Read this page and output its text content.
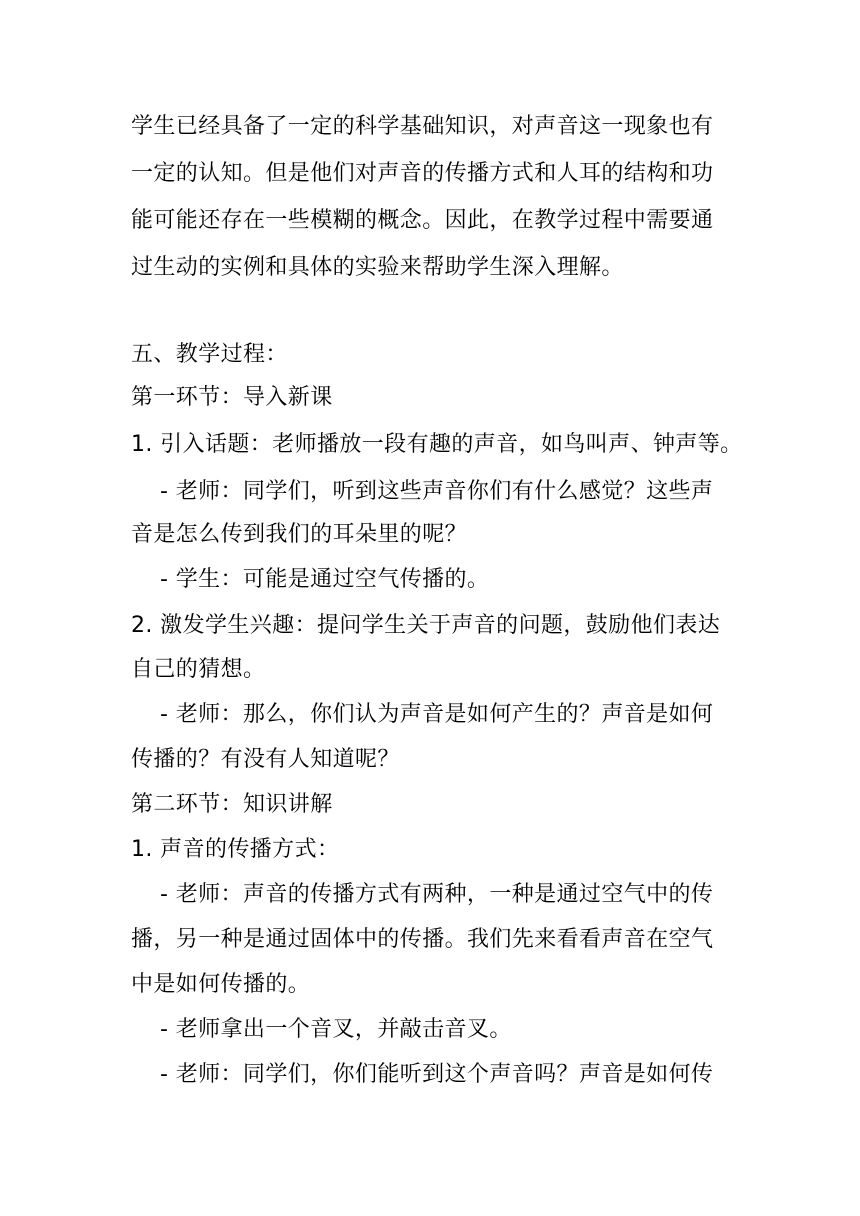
学生已经具备了一定的科学基础知识，对声音这一现象也有
一定的认知。但是他们对声音的传播方式和人耳的结构和功
能可能还存在一些模糊的概念。因此，在教学过程中需要通
过生动的实例和具体的实验来帮助学生深入理解。
五、教学过程：
第一环节：导入新课
1. 引入话题：老师播放一段有趣的声音，如鸟叫声、钟声等。
- 老师：同学们，听到这些声音你们有什么感觉？这些声
音是怎么传到我们的耳朵里的呢？
- 学生：可能是通过空气传播的。
2. 激发学生兴趣：提问学生关于声音的问题，鼓励他们表达
自己的猜想。
- 老师：那么，你们认为声音是如何产生的？声音是如何
传播的？有没有人知道呢？
第二环节：知识讲解
1. 声音的传播方式：
- 老师：声音的传播方式有两种，一种是通过空气中的传
播，另一种是通过固体中的传播。我们先来看看声音在空气
中是如何传播的。
- 老师拿出一个音叉，并敲击音叉。
- 老师：同学们，你们能听到这个声音吗？声音是如何传
